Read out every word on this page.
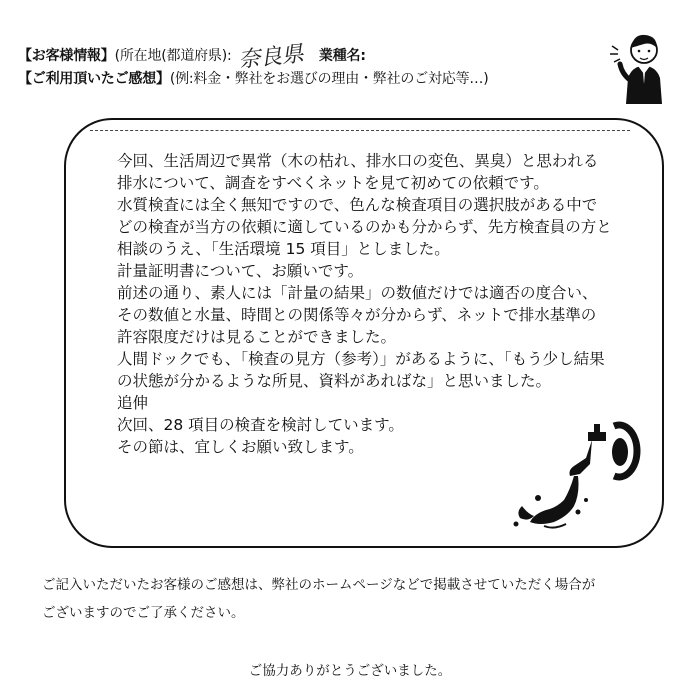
【お客様情報】(所在地(都道府県): 奈良県 業種名:
【ご利用頂いたご感想】(例:料金・弊社をお選びの理由・弊社のご対応等…)

今回、生活周辺で異常（木の枯れ、排水口の変色、異臭）と思われる

排水について、調査をすべくネットを見て初めての依頼です。

水質検査には全く無知ですので、色んな検査項目の選択肢がある中で

どの検査が当方の依頼に適しているのかも分からず、先方検査員の方と

相談のうえ、「生活環境 15 項目」としました。

計量証明書について、お願いです。

前述の通り、素人には「計量の結果」の数値だけでは適否の度合い、

その数値と水量、時間との関係等々が分からず、ネットで排水基準の

許容限度だけは見ることができました。

人間ドックでも、「検査の見方（参考）」があるように、「もう少し結果

の状態が分かるような所見、資料があればな」と思いました。

追伸

次回、28 項目の検査を検討しています。

その節は、宜しくお願い致します。

ご記入いただいたお客様のご感想は、弊社のホームページなどで掲載させていただく場合が
ございますのでご了承ください。
ご協力ありがとうございました。
